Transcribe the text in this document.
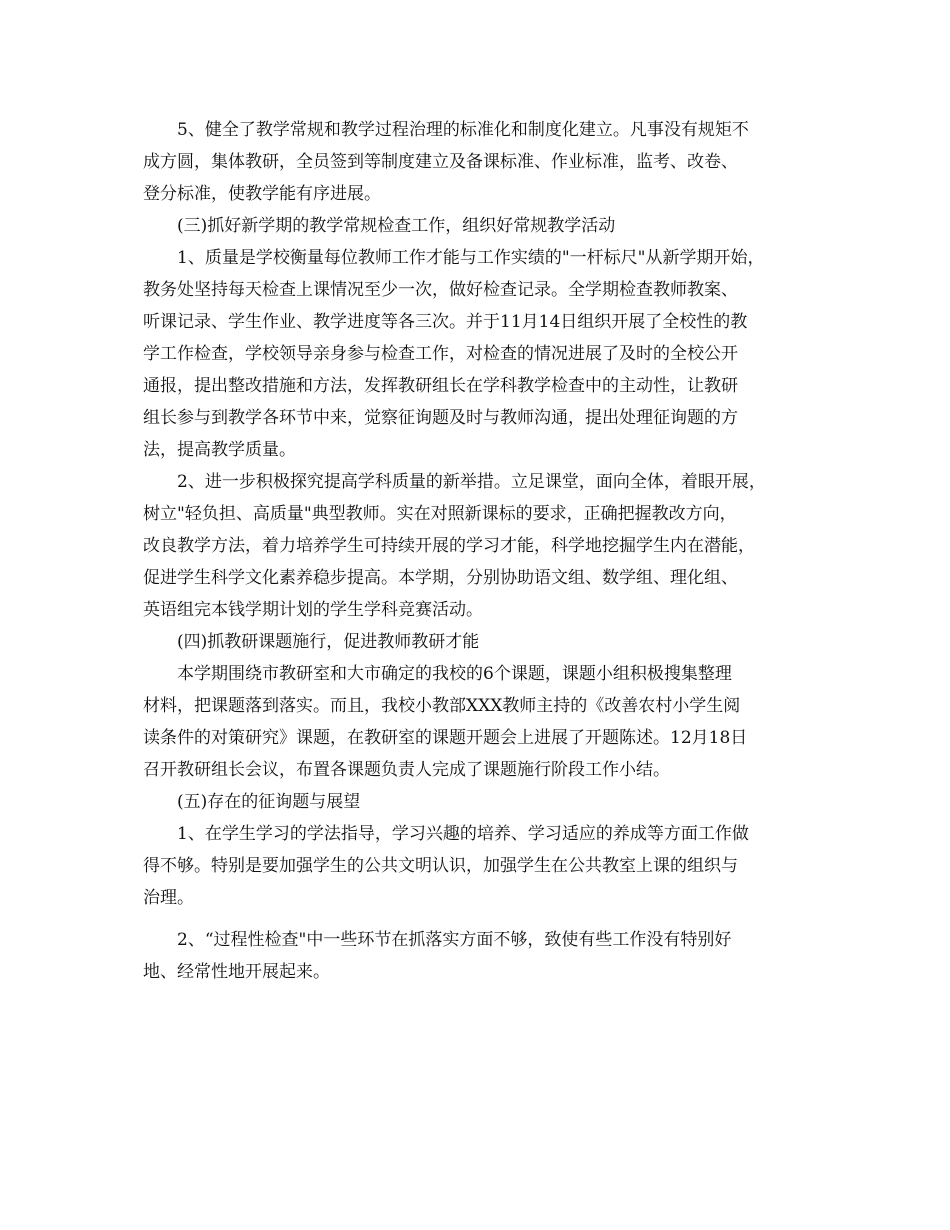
5、健全了教学常规和教学过程治理的标准化和制度化建立。凡事没有规矩不
成方圆，集体教研，全员签到等制度建立及备课标准、作业标准，监考、改卷、
登分标准，使教学能有序进展。

(三)抓好新学期的教学常规检查工作，组织好常规教学活动

1、质量是学校衡量每位教师工作才能与工作实绩的"一杆标尺"从新学期开始，
教务处坚持每天检查上课情况至少一次，做好检查记录。全学期检查教师教案、
听课记录、学生作业、教学进度等各三次。并于11月14日组织开展了全校性的教
学工作检查，学校领导亲身参与检查工作，对检查的情况进展了及时的全校公开
通报，提出整改措施和方法，发挥教研组长在学科教学检查中的主动性，让教研
组长参与到教学各环节中来，觉察征询题及时与教师沟通，提出处理征询题的方
法，提高教学质量。

2、进一步积极探究提高学科质量的新举措。立足课堂，面向全体，着眼开展，
树立"轻负担、高质量"典型教师。实在对照新课标的要求，正确把握教改方向，
改良教学方法，着力培养学生可持续开展的学习才能，科学地挖掘学生内在潜能，
促进学生科学文化素养稳步提高。本学期，分别协助语文组、数学组、理化组、
英语组完本钱学期计划的学生学科竞赛活动。

(四)抓教研课题施行，促进教师教研才能

本学期围绕市教研室和大市确定的我校的6个课题，课题小组积极搜集整理
材料，把课题落到落实。而且，我校小教部XXX教师主持的《改善农村小学生阅
读条件的对策研究》课题，在教研室的课题开题会上进展了开题陈述。12月18日
召开教研组长会议，布置各课题负责人完成了课题施行阶段工作小结。

(五)存在的征询题与展望

1、在学生学习的学法指导，学习兴趣的培养、学习适应的养成等方面工作做
得不够。特别是要加强学生的公共文明认识，加强学生在公共教室上课的组织与
治理。

2、“过程性检查"中一些环节在抓落实方面不够，致使有些工作没有特别好
地、经常性地开展起来。
